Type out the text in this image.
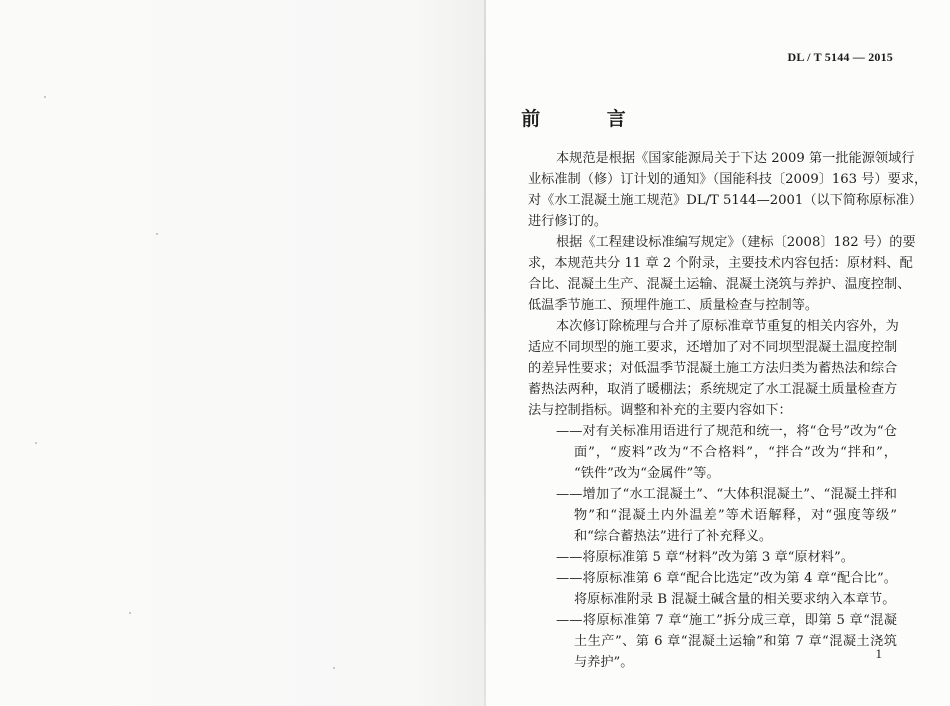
DL / T 5144 — 2015
前 言
本规范是根据《国家能源局关于下达 2009 第一批能源领域行
业标准制（修）订计划的通知》（国能科技〔2009〕163 号）要求，
对《水工混凝土施工规范》DL/T 5144—2001（以下简称原标准）
进行修订的。
根据《工程建设标准编写规定》（建标〔2008〕182 号）的要
求，本规范共分 11 章 2 个附录，主要技术内容包括：原材料、配
合比、混凝土生产、混凝土运输、混凝土浇筑与养护、温度控制、
低温季节施工、预埋件施工、质量检查与控制等。
本次修订除梳理与合并了原标准章节重复的相关内容外，为
适应不同坝型的施工要求，还增加了对不同坝型混凝土温度控制
的差异性要求；对低温季节混凝土施工方法归类为蓄热法和综合
蓄热法两种，取消了暖棚法；系统规定了水工混凝土质量检查方
法与控制指标。调整和补充的主要内容如下：
——对有关标准用语进行了规范和统一，将“仓号”改为“仓
面”，“废料”改为“不合格料”，“拌合”改为“拌和”，
“铁件”改为“金属件”等。
——增加了“水工混凝土”、“大体积混凝土”、“混凝土拌和
物”和“混凝土内外温差”等术语解释，对“强度等级”
和“综合蓄热法”进行了补充释义。
——将原标准第 5 章“材料”改为第 3 章“原材料”。
——将原标准第 6 章“配合比选定”改为第 4 章“配合比”。
将原标准附录 B 混凝土碱含量的相关要求纳入本章节。
——将原标准第 7 章“施工”拆分成三章，即第 5 章“混凝
土生产”、第 6 章“混凝土运输”和第 7 章“混凝土浇筑
与养护”。
1
